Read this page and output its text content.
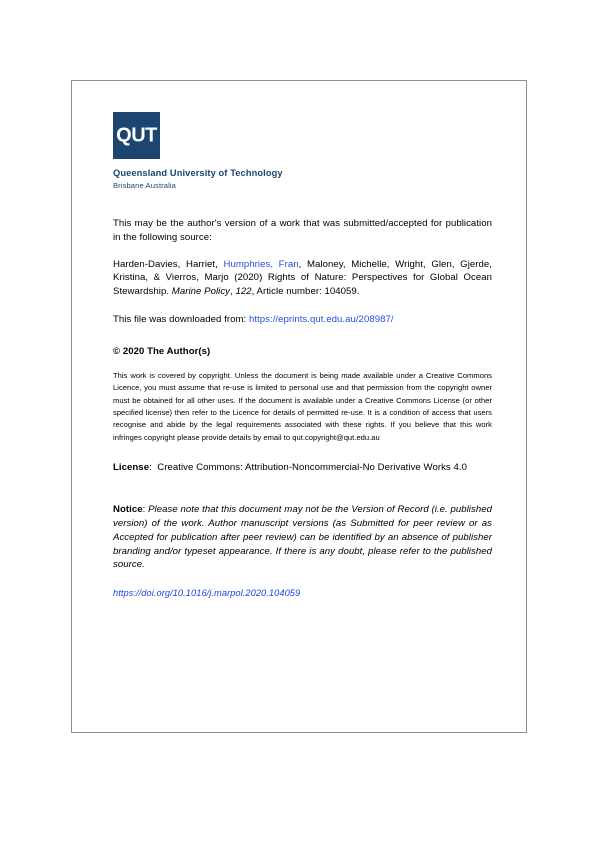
QUT
Queensland University of Technology
Brisbane Australia

This may be the author's version of a work that was submitted/accepted for publication in the following source:

Harden-Davies, Harriet, Humphries, Fran, Maloney, Michelle, Wright, Glen, Gjerde, Kristina, & Vierros, Marjo (2020) Rights of Nature: Perspectives for Global Ocean Stewardship. Marine Policy, 122, Article number: 104059.

This file was downloaded from: https://eprints.qut.edu.au/208987/

© 2020 The Author(s)

This work is covered by copyright. Unless the document is being made available under a Creative Commons Licence, you must assume that re-use is limited to personal use and that permission from the copyright owner must be obtained for all other uses. If the document is available under a Creative Commons License (or other specified license) then refer to the Licence for details of permitted re-use. It is a condition of access that users recognise and abide by the legal requirements associated with these rights. If you believe that this work infringes copyright please provide details by email to qut.copyright@qut.edu.au

License: Creative Commons: Attribution-Noncommercial-No Derivative Works 4.0

Notice: Please note that this document may not be the Version of Record (i.e. published version) of the work. Author manuscript versions (as Submitted for peer review or as Accepted for publication after peer review) can be identified by an absence of publisher branding and/or typeset appearance. If there is any doubt, please refer to the published source.

https://doi.org/10.1016/j.marpol.2020.104059
